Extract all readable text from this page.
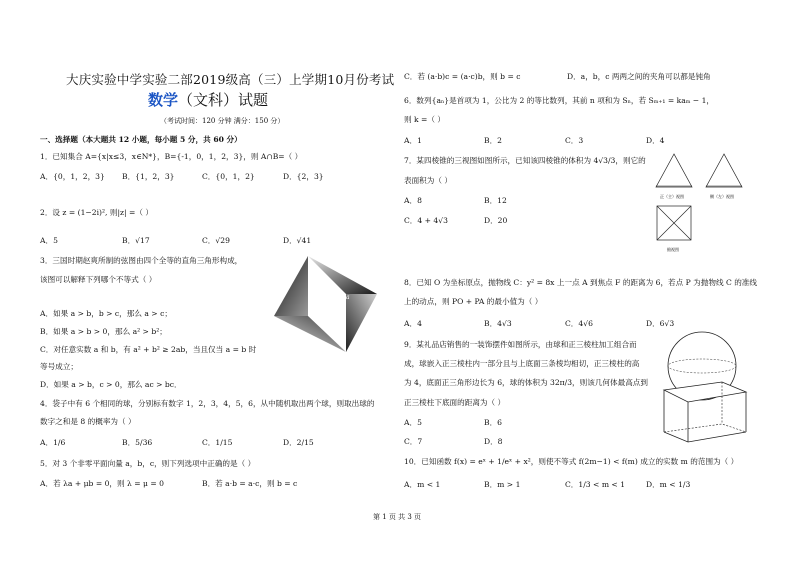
大庆实验中学实验二部2019级高（三）上学期10月份考试
数学（文科）试题
（考试时间：120 分钟 满分：150 分）
一、选择题（本大题共 12 小题，每小题 5 分，共 60 分）
1．已知集合 A={x|x≤3，x∈N*}，B={-1，0，1，2，3}，则 A∩B=（ ）
A．{0，1，2，3} B．{1，2，3}	C．{0，1，2}	D．{2，3}
2．设 z = (1−2i)², 则|z| =（ ）
A．5	B．√17	C．√29	D．√41
3．三国时期赵爽所制的弦图由四个全等的直角三角形构成，
该图可以解释下列哪个不等式（ ）
A．如果 a > b，b > c，那么 a > c；
B．如果 a > b > 0，那么 a² > b²；
C．对任意实数 a 和 b，有 a² + b² ≥ 2ab，当且仅当 a = b 时
等号成立；
D．如果 a > b，c > 0，那么 ac > bc．
a
b
4．袋子中有 6 个相同的球，分别标有数字 1，2，3，4，5，6，从中随机取出两个球，则取出球的
数字之和是 8 的概率为（ ）
A．1/6	B．5/36	C．1/15	D．2/15
5．对 3 个非零平面向量 a，b，c，则下列选项中正确的是（ ）
A．若 λa + μb = 0，则 λ = μ = 0	B．若 a·b = a·c，则 b = c
C．若 (a·b)c = (a·c)b，则 b = c	D．a，b，c 两两之间的夹角可以都是钝角
6．数列{aₙ}是首项为 1，公比为 2 的等比数列，其前 n 项和为 Sₙ，若 Sₘ₊₁ = kaₘ − 1，
则 k =（ ）
A．1	B．2	C．3	D．4
7．某四棱锥的三视图如图所示，已知该四棱锥的体积为 4√3/3，则它的
表面积为（ ）
A．8	B．12
C．4 + 4√3	D．20
正（主）视图	侧（左）视图
俯视图
8．已知 O 为坐标原点，抛物线 C：y² = 8x 上一点 A 到焦点 F 的距离为 6，若点 P 为抛物线 C 的准线
上的动点，则 PO + PA 的最小值为（ ）
A．4	B．4√3	C．4√6	D．6√3
9．某礼品店销售的一装饰摆件如图所示，由球和正三棱柱加工组合而
成，球嵌入正三棱柱内一部分且与上底面三条棱均相切，正三棱柱的高
为 4，底面正三角形边长为 6，球的体积为 32π/3，则该几何体最高点到
正三棱柱下底面的距离为（ ）
A．5	B．6
C．7	D．8
10．已知函数 f(x) = eˣ + 1/eˣ + x²，则使不等式 f(2m−1) < f(m) 成立的实数 m 的范围为（ ）
A．m < 1	B．m > 1	C．1/3 < m < 1	D．m < 1/3
第 1 页 共 3 页
